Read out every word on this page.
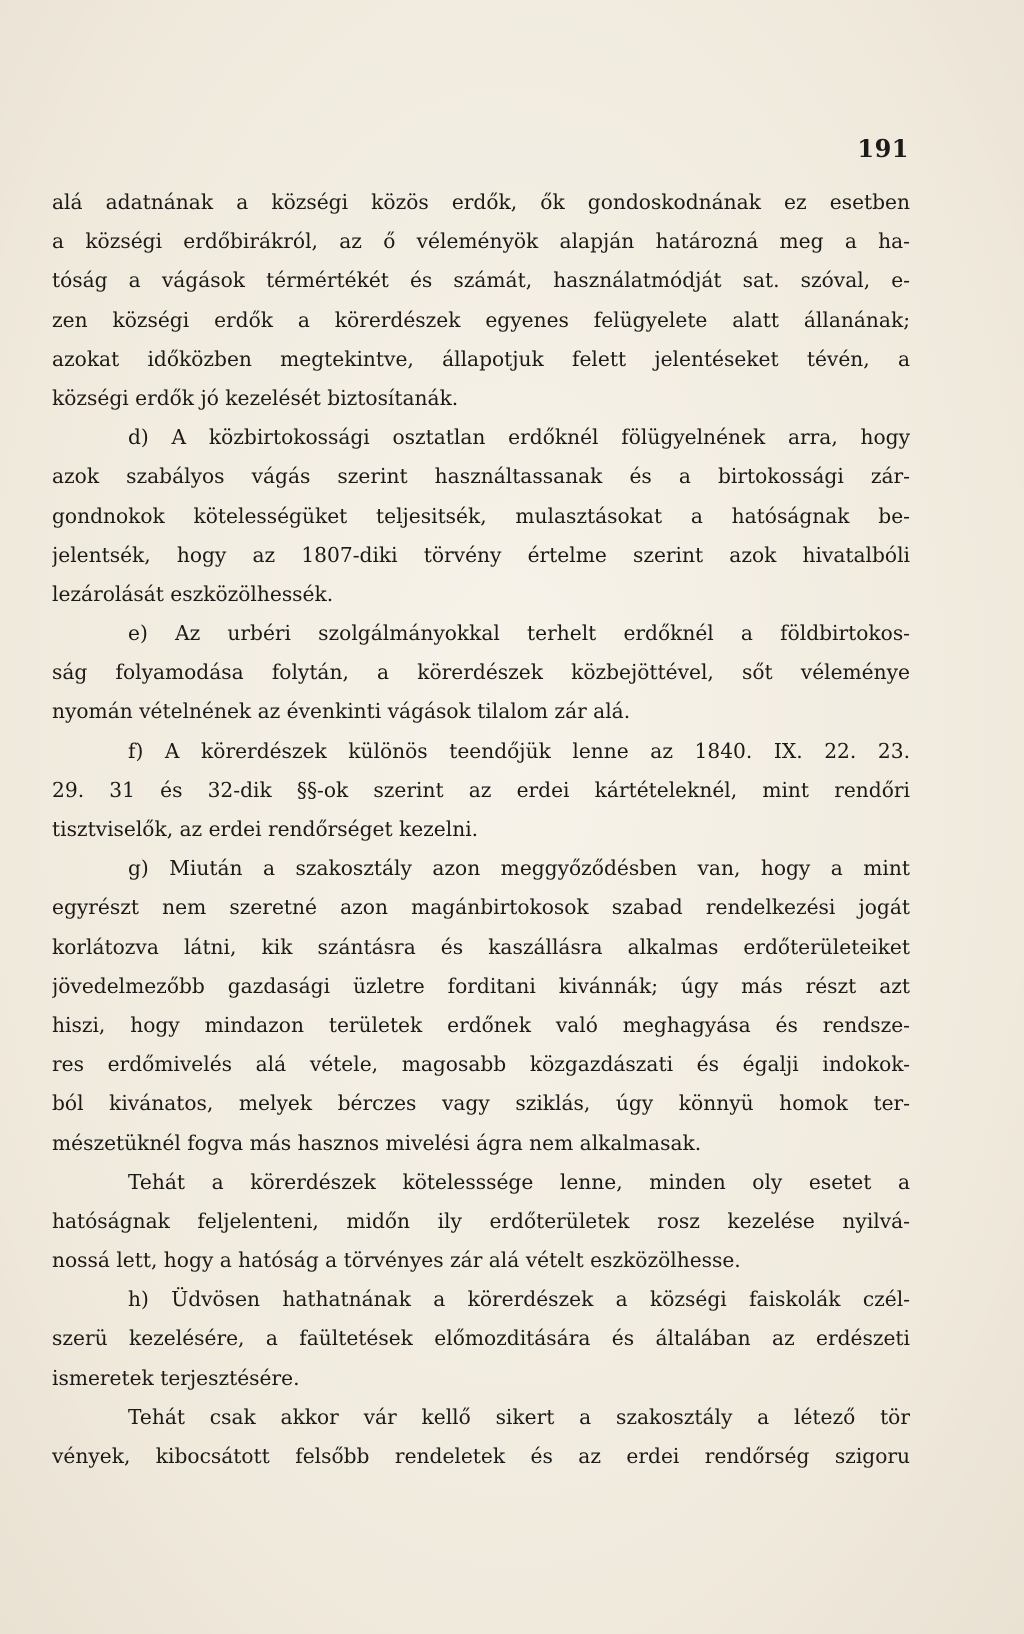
191
alá adatnának a községi közös erdők, ők gondoskodnának ez esetben
a községi erdőbirákról, az ő véleményök alapján határozná meg a ha-
tóság a vágások térmértékét és számát, használatmódját sat. szóval, e-
zen községi erdők a körerdészek egyenes felügyelete alatt állanának;
azokat időközben megtekintve, állapotjuk felett jelentéseket tévén, a
községi erdők jó kezelését biztosítanák.
d) A közbirtokossági osztatlan erdőknél fölügyelnének arra, hogy
azok szabályos vágás szerint használtassanak és a birtokossági zár-
gondnokok kötelességüket teljesitsék, mulasztásokat a hatóságnak be-
jelentsék, hogy az 1807-diki törvény értelme szerint azok hivatalbóli
lezárolását eszközölhessék.
e) Az urbéri szolgálmányokkal terhelt erdőknél a földbirtokos-
ság folyamodása folytán, a körerdészek közbejöttével, sőt véleménye
nyomán vételnének az évenkinti vágások tilalom zár alá.
f) A körerdészek különös teendőjük lenne az 1840. IX. 22. 23.
29. 31 és 32-dik §§-ok szerint az erdei kártételeknél, mint rendőri
tisztviselők, az erdei rendőrséget kezelni.
g) Miután a szakosztály azon meggyőződésben van, hogy a mint
egyrészt nem szeretné azon magánbirtokosok szabad rendelkezési jogát
korlátozva látni, kik szántásra és kaszállásra alkalmas erdőterületeiket
jövedelmezőbb gazdasági üzletre forditani kivánnák; úgy más részt azt
hiszi, hogy mindazon területek erdőnek való meghagyása és rendsze-
res erdőmivelés alá vétele, magosabb közgazdászati és égalji indokok-
ból kivánatos, melyek bérczes vagy sziklás, úgy könnyü homok ter-
mészetüknél fogva más hasznos mivelési ágra nem alkalmasak.
Tehát a körerdészek kötelesssége lenne, minden oly esetet a
hatóságnak feljelenteni, midőn ily erdőterületek rosz kezelése nyilvá-
nossá lett, hogy a hatóság a törvényes zár alá vételt eszközölhesse.
h) Üdvösen hathatnának a körerdészek a községi faiskolák czél-
szerü kezelésére, a faültetések előmozditására és általában az erdészeti
ismeretek terjesztésére.
Tehát csak akkor vár kellő sikert a szakosztály a létező tör
vények, kibocsátott felsőbb rendeletek és az erdei rendőrség szigoru
